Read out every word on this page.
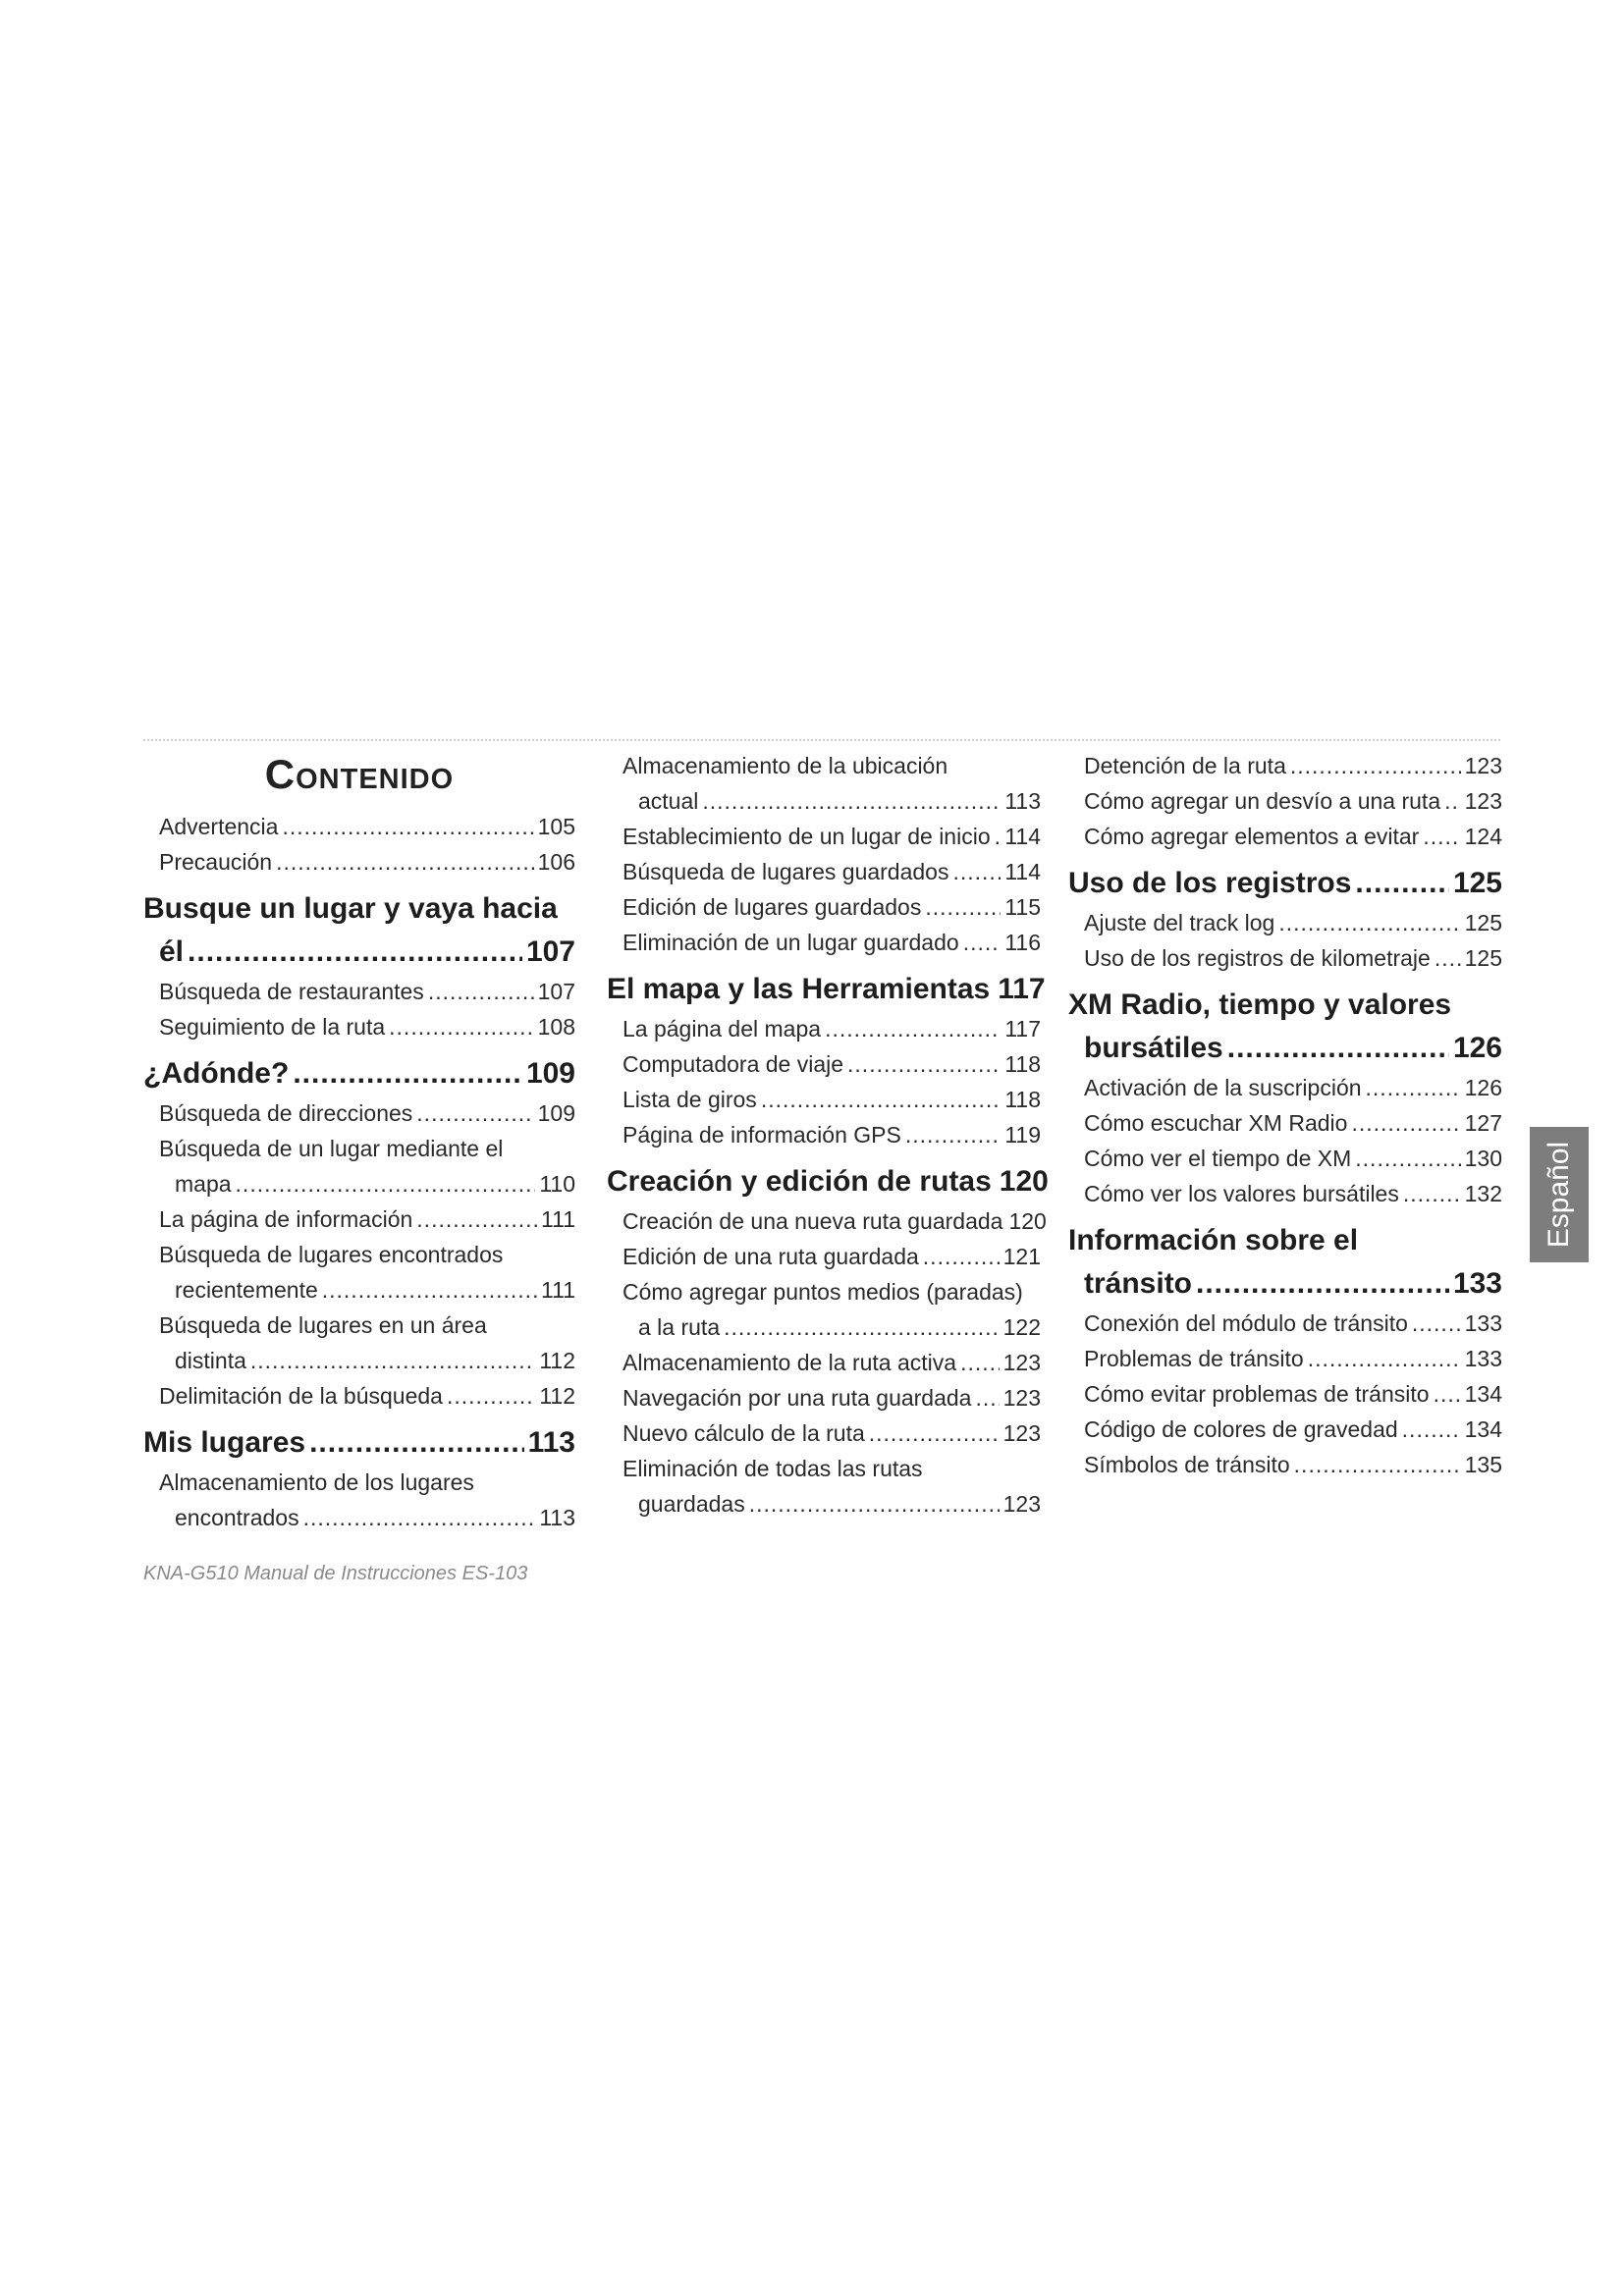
Contenido
Advertencia .....	105
Precaución .....	106
Busque un lugar y vaya hacia
él .....	107
Búsqueda de restaurantes .....	107
Seguimiento de la ruta .....	108
¿Adónde? .....	109
Búsqueda de direcciones .....	109
Búsqueda de un lugar mediante el
mapa .....	110
La página de información .....	111
Búsqueda de lugares encontrados
recientemente .....	111
Búsqueda de lugares en un área
distinta .....	112
Delimitación de la búsqueda .....	112
Mis lugares .....	113
Almacenamiento de los lugares
encontrados .....	113
Almacenamiento de la ubicación
actual .....	113
Establecimiento de un lugar de inicio ..... 114
Búsqueda de lugares guardados ..... 114
Edición de lugares guardados .....	115
Eliminación de un lugar guardado ..... 116
El mapa y las Herramientas 117
La página del mapa .....	117
Computadora de viaje .....	118
Lista de giros .....	118
Página de información GPS .....	119
Creación y edición de rutas 120
Creación de una nueva ruta guardada 120
Edición de una ruta guardada .....	121
Cómo agregar puntos medios (paradas)
a la ruta .....	122
Almacenamiento de la ruta activa ..... 123
Navegación por una ruta guardada ..... 123
Nuevo cálculo de la ruta .....	123
Eliminación de todas las rutas
guardadas .....	123
Detención de la ruta .....	123
Cómo agregar un desvío a una ruta ..... 123
Cómo agregar elementos a evitar ..... 124
Uso de los registros .....	125
Ajuste del track log .....	125
Uso de los registros de kilometraje ..... 125
XM Radio, tiempo y valores
bursátiles .....	126
Activación de la suscripción .....	126
Cómo escuchar XM Radio .....	127
Cómo ver el tiempo de XM .....	130
Cómo ver los valores bursátiles .....	132
Información sobre el
tránsito .....	133
Conexión del módulo de tránsito .....	133
Problemas de tránsito .....	133
Cómo evitar problemas de tránsito ..... 134
Código de colores de gravedad .....	134
Símbolos de tránsito .....	135
Español
KNA-G510 Manual de Instrucciones ES-103
